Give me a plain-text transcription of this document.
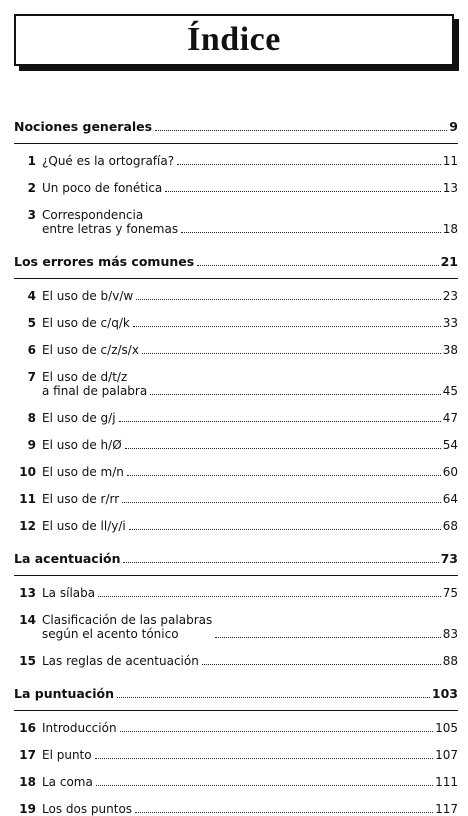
Índice
Nociones generales	9
1 ¿Qué es la ortografía?	11
2 Un poco de fonética	13
3 Correspondencia
entre letras y fonemas	18
Los errores más comunes	21
4 El uso de b/v/w	23
5 El uso de c/q/k	33
6 El uso de c/z/s/x	38
7 El uso de d/t/z
a final de palabra	45
8 El uso de g/j	47
9 El uso de h/Ø	54
10 El uso de m/n	60
11 El uso de r/rr	64
12 El uso de ll/y/i	68
La acentuación	73
13 La sílaba	75
14 Clasificación de las palabras
según el acento tónico	83
15 Las reglas de acentuación	88
La puntuación	103
16 Introducción	105
17 El punto	107
18 La coma	111
19 Los dos puntos	117
